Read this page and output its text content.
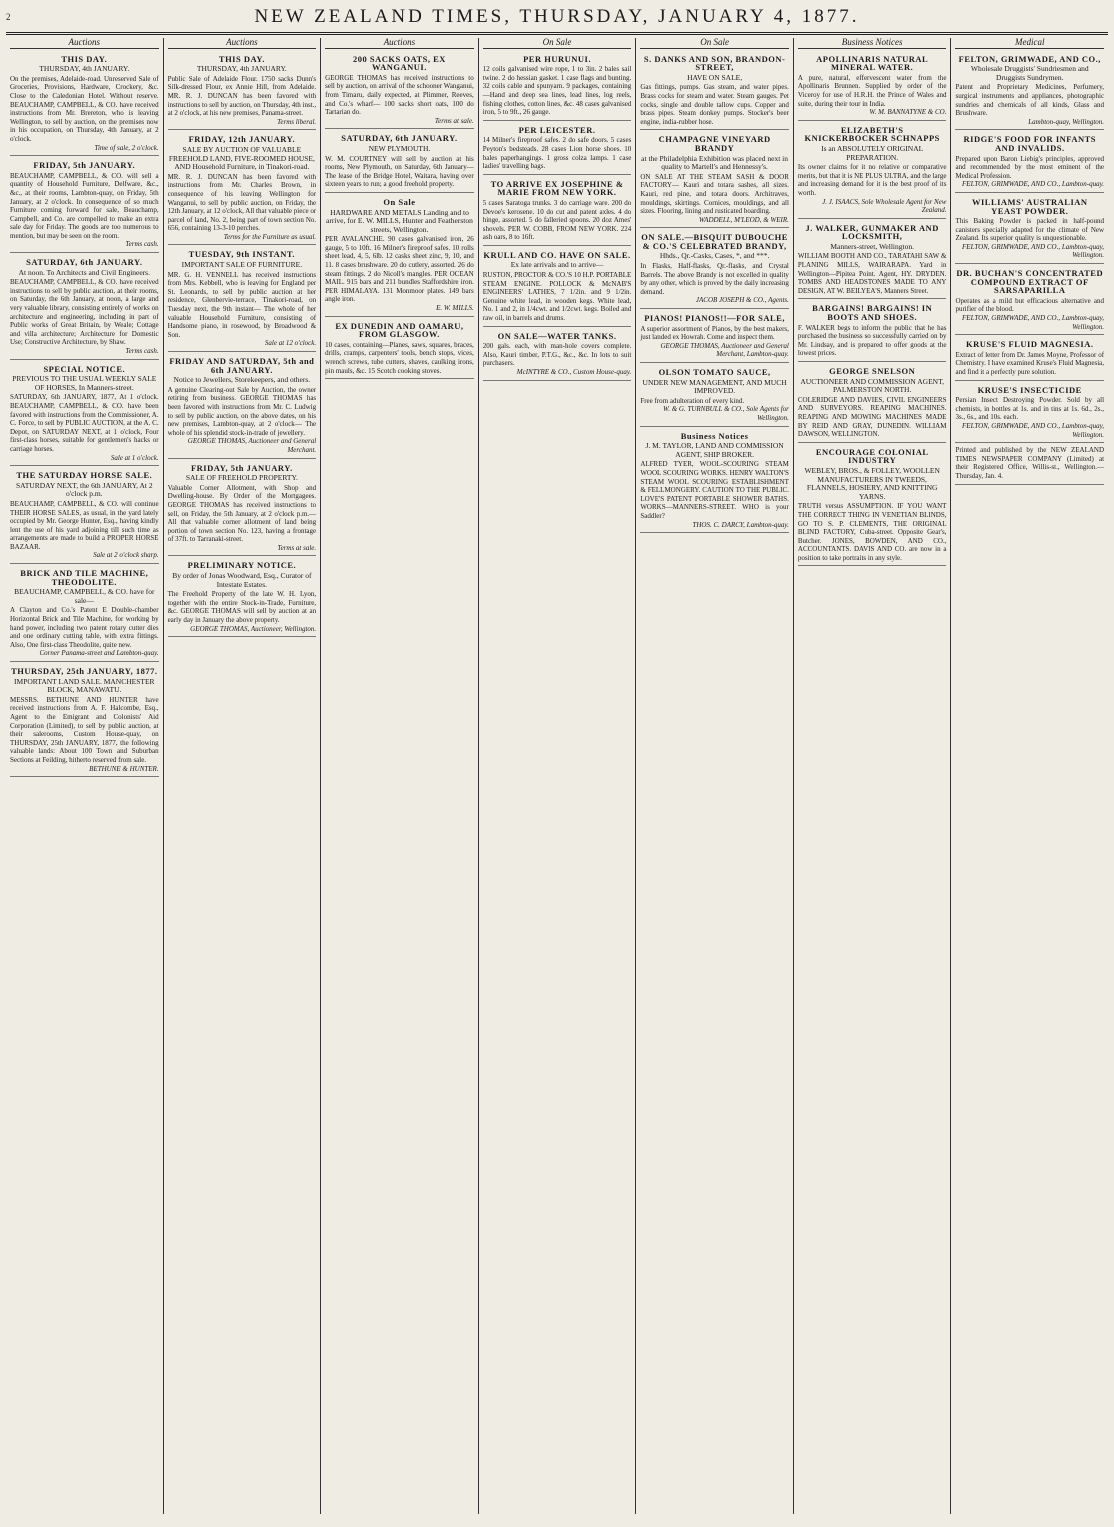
2	NEW ZEALAND TIMES, THURSDAY, JANUARY 4, 1877.
Auctions
THIS DAY.
THURSDAY, 4th JANUARY.

On the premises, Adelaide-road. Unreserved Sale of Groceries, Provisions, Hardware, Crockery, &c. Close to the Caledonian Hotel. Without reserve. BEAUCHAMP, CAMPBELL, & CO. have received instructions from Mr. Brereton, who is leaving Wellington, to sell by auction, on the premises now in his occupation, on Thursday, 4th January, at 2 o'clock.

Time of sale, 2 o'clock.
FRIDAY, 5th JANUARY.

BEAUCHAMP, CAMPBELL, & CO. will sell a quantity of Household Furniture, Delfware, &c., &c., at their rooms, Lambton-quay, on Friday, 5th January, at 2 o'clock. In consequence of so much Furniture coming forward for sale, Beauchamp, Campbell, and Co. are compelled to make an extra sale day for Friday. The goods are too numerous to mention, but may be seen on the room.

Terms cash.
SATURDAY, 6th JANUARY.
At noon. To Architects and Civil Engineers.

BEAUCHAMP, CAMPBELL, & CO. have received instructions to sell by public auction, at their rooms, on Saturday, the 6th January, at noon, a large and very valuable library, consisting entirely of works on architecture and engineering, including in part of Public works of Great Britain, by Weale; Cottage and villa architecture; Architecture for Domestic Use; Constructive Architecture, by Shaw.

Terms cash.
SPECIAL NOTICE.
PREVIOUS TO THE USUAL WEEKLY SALE OF HORSES, In Manners-street.

SATURDAY, 6th JANUARY, 1877, At 1 o'clock. BEAUCHAMP, CAMPBELL, & CO. have been favored with instructions from the Commissioner, A. C. Force, to sell by PUBLIC AUCTION, at the A. C. Depot, on SATURDAY NEXT, at 1 o'clock, Four first-class horses, suitable for gentlemen's hacks or carriage horses.

Sale at 1 o'clock.
THE SATURDAY HORSE SALE.
SATURDAY NEXT, the 6th JANUARY, At 2 o'clock p.m.

BEAUCHAMP, CAMPBELL, & CO. will continue THEIR HORSE SALES, as usual, in the yard lately occupied by Mr. George Hunter, Esq., having kindly lent the use of his yard adjoining till such time as arrangements are made to build a PROPER HORSE BAZAAR.

Sale at 2 o'clock sharp.
BRICK AND TILE MACHINE, THEODOLITE.
BEAUCHAMP, CAMPBELL, & CO. have for sale—

A Clayton and Co.'s Patent E Double-chamber Horizontal Brick and Tile Machine, for working by hand power, including two patent rotary cutter dies and one ordinary cutting table, with extra fittings. Also, One first-class Theodolite, quite new.

Corner Panama-street and Lambton-quay.
THURSDAY, 25th JANUARY, 1877.
IMPORTANT LAND SALE. MANCHESTER BLOCK, MANAWATU.

MESSRS. BETHUNE AND HUNTER have received instructions from A. F. Halcombe, Esq., Agent to the Emigrant and Colonists' Aid Corporation (Limited), to sell by public auction, at their salerooms, Custom House-quay, on THURSDAY, 25th JANUARY, 1877, the following valuable lands: About 100 Town and Suburban Sections at Feilding, hitherto reserved from sale.

BETHUNE & HUNTER.
Auctions
THIS DAY.
THURSDAY, 4th JANUARY.

Public Sale of Adelaide Flour. 1750 sacks Dunn's Silk-dressed Flour, ex Annie Hill, from Adelaide. MR. R. J. DUNCAN has been favored with instructions to sell by auction, on Thursday, 4th inst., at 2 o'clock, at his new premises, Panama-street.

Terms liberal.
FRIDAY, 12th JANUARY.
SALE BY AUCTION OF VALUABLE FREEHOLD LAND, FIVE-ROOMED HOUSE, AND Household Furniture, in Tinakori-road.

MR. R. J. DUNCAN has been favored with instructions from Mr. Charles Brown, in consequence of his leaving Wellington for Wanganui, to sell by public auction, on Friday, the 12th January, at 12 o'clock, All that valuable piece or parcel of land, No. 2, being part of town section No. 656, containing 13-3-10 perches.

Terms for the Furniture as usual.
TUESDAY, 9th INSTANT.
IMPORTANT SALE OF FURNITURE.

MR. G. H. VENNELL has received instructions from Mrs. Kebbell, who is leaving for England per St. Leonards, to sell by public auction at her residence, Glenbervie-terrace, Tinakori-road, on Tuesday next, the 9th instant— The whole of her valuable Household Furniture, consisting of Handsome piano, in rosewood, by Broadwood & Son.

Sale at 12 o'clock.
FRIDAY AND SATURDAY, 5th and 6th JANUARY.
Notice to Jewellers, Storekeepers, and others.

A genuine Clearing-out Sale by Auction, the owner retiring from business. GEORGE THOMAS has been favored with instructions from Mr. C. Ludwig to sell by public auction, on the above dates, on his new premises, Lambton-quay, at 2 o'clock— The whole of his splendid stock-in-trade of jewellery.

GEORGE THOMAS, Auctioneer and General Merchant.
FRIDAY, 5th JANUARY.
SALE OF FREEHOLD PROPERTY.

Valuable Corner Allotment, with Shop and Dwelling-house. By Order of the Mortgagees. GEORGE THOMAS has received instructions to sell, on Friday, the 5th January, at 2 o'clock p.m.— All that valuable corner allotment of land being portion of town section No. 123, having a frontage of 37ft. to Tarranaki-street.

Terms at sale.
PRELIMINARY NOTICE.
By order of Jonas Woodward, Esq., Curator of Intestate Estates.

The Freehold Property of the late W. H. Lyon, together with the entire Stock-in-Trade, Furniture, &c. GEORGE THOMAS will sell by auction at an early day in January the above property.

GEORGE THOMAS, Auctioneer, Wellington.
Auctions
200 SACKS OATS, EX WANGANUI.

GEORGE THOMAS has received instructions to sell by auction, on arrival of the schooner Wanganui, from Timaru, daily expected, at Plimmer, Reeves, and Co.'s wharf— 100 sacks short oats, 100 do Tartarian do.

Terms at sale.
SATURDAY, 6th JANUARY.
NEW PLYMOUTH.

W. M. COURTNEY will sell by auction at his rooms, New Plymouth, on Saturday, 6th January— The lease of the Bridge Hotel, Waitara, having over sixteen years to run; a good freehold property.

On Sale
HARDWARE AND METALS Landing and to arrive, for E. W. MILLS, Hunter and Featherston streets, Wellington.

PER AVALANCHE. 90 cases galvanised iron, 26 gauge, 5 to 10ft. 16 Milner's fireproof safes. 10 rolls sheet lead, 4, 5, 6lb. 12 casks sheet zinc, 9, 10, and 11. 8 cases brushware. 20 do cutlery, assorted. 26 do steam fittings. 2 do Nicoll's mangles. PER OCEAN MAIL. 915 bars and 211 bundles Staffordshire iron. PER HIMALAYA. 131 Monmoor plates. 149 bars angle iron.

E. W. MILLS.
EX DUNEDIN AND OAMARU, FROM GLASGOW.

10 cases, containing—Planes, saws, squares, braces, drills, cramps, carpenters' tools, bench stops, vices, wrench screws, tube cutters, shaves, caulking irons, pin mauls, &c. 15 Scotch cooking stoves.

On Sale
PER HURUNUI.

12 coils galvanised wire rope, 1 to 3in. 2 bales sail twine. 2 do hessian gasket. 1 case flags and bunting. 32 coils cable and spunyarn. 9 packages, containing—Hand and deep sea lines, lead lines, log reels, fishing clothes, cotton lines, &c. 48 cases galvanised iron, 5 to 9ft., 26 gauge.

PER LEICESTER.

14 Milner's fireproof safes. 2 do safe doors. 5 cases Peyton's bedsteads. 28 cases Lion horse shoes. 10 bales paperhangings. 1 gross colza lamps. 1 case ladies' travelling bags.

TO ARRIVE EX JOSEPHINE & MARIE FROM NEW YORK.

5 cases Saratoga trunks. 3 do carriage ware. 200 do Devoe's kerosene. 10 do cut and patent axles. 4 do hinge, assorted. 5 do falleried spoons. 20 doz Ames' shovels. PER W. COBB, FROM NEW YORK. 224 ash oars, 8 to 16ft.

KRULL AND CO. HAVE ON SALE.
Ex late arrivals and to arrive—

RUSTON, PROCTOR & CO.'S 10 H.P. PORTABLE STEAM ENGINE. POLLOCK & McNAB'S ENGINEERS' LATHES, 7 1/2in. and 9 1/2in. Genuine white lead, in wooden kegs. White lead, No. 1 and 2, in 1/4cwt. and 1/2cwt. kegs. Boiled and raw oil, in barrels and drums.

ON SALE—WATER TANKS.

200 gals. each, with man-hole covers complete. Also, Kauri timber, P.T.G., &c., &c. In lots to suit purchasers.

McINTYRE & CO., Custom House-quay.
On Sale
S. DANKS AND SON, BRANDON-STREET,
HAVE ON SALE,

Gas fittings, pumps. Gas steam, and water pipes. Brass cocks for steam and water. Steam gauges. Pet cocks, single and double tallow cups. Copper and brass pipes. Steam donkey pumps. Stocker's beer engine, india-rubber hose.

CHAMPAGNE VINEYARD BRANDY
at the Philadelphia Exhibition was placed next in quality to Martell's and Hennessy's.

ON SALE AT THE STEAM SASH & DOOR FACTORY— Kauri and totara sashes, all sizes. Kauri, red pine, and totara doors. Architraves, mouldings, skirtings. Cornices, mouldings, and all sizes. Flooring, lining and rusticated boarding.

WADDELL, M'LEOD, & WEIR.
ON SALE.—BISQUIT DUBOUCHE & CO.'S CELEBRATED BRANDY,
Hhds., Qr.-Casks, Cases, *, and ***.

In Flasks, Half-flasks, Qr.-flasks, and Crystal Barrels. The above Brandy is not excelled in quality by any other, which is proved by the daily increasing demand.

JACOB JOSEPH & CO., Agents.
PIANOS! PIANOS!!—FOR SALE,

A superior assortment of Pianos, by the best makers, just landed ex Howrah. Come and inspect them.

GEORGE THOMAS, Auctioneer and General Merchant, Lambton-quay.
OLSON TOMATO SAUCE,
UNDER NEW MANAGEMENT, AND MUCH IMPROVED.

Free from adulteration of every kind.

W. & G. TURNBULL & CO., Sole Agents for Wellington.
Business Notices
J. M. TAYLOR, LAND AND COMMISSION AGENT, SHIP BROKER.

ALFRED TYER, WOOL-SCOURING STEAM WOOL SCOURING WORKS. HENRY WALTON'S STEAM WOOL SCOURING ESTABLISHMENT & FELLMONGERY. CAUTION TO THE PUBLIC. LOVE'S PATENT PORTABLE SHOWER BATHS. WORKS—MANNERS-STREET. WHO is your Saddler?

THOS. C. DARCY, Lambton-quay.
Business Notices
APOLLINARIS NATURAL MINERAL WATER.

A pure, natural, effervescent water from the Apollinaris Brunnen. Supplied by order of the Viceroy for use of H.R.H. the Prince of Wales and suite, during their tour in India.

W. M. BANNATYNE & CO.
ELIZABETH'S KNICKERBOCKER SCHNAPPS
Is an ABSOLUTELY ORIGINAL PREPARATION.

Its owner claims for it no relative or comparative merits, but that it is NE PLUS ULTRA, and the large and increasing demand for it is the best proof of its worth.

J. J. ISAACS, Sole Wholesale Agent for New Zealand.
J. WALKER, GUNMAKER AND LOCKSMITH,
Manners-street, Wellington.

WILLIAM BOOTH AND CO., TARATAHI SAW & PLANING MILLS, WAIRARAPA. Yard in Wellington—Pipitea Point. Agent, HY. DRYDEN. TOMBS AND HEADSTONES MADE TO ANY DESIGN, AT W. BEILYEA'S, Manners Street.

BARGAINS! BARGAINS! IN BOOTS AND SHOES.

F. WALKER begs to inform the public that he has purchased the business so successfully carried on by Mr. Lindsay, and is prepared to offer goods at the lowest prices.

GEORGE SNELSON
AUCTIONEER AND COMMISSION AGENT, PALMERSTON NORTH.

COLERIDGE AND DAVIES, CIVIL ENGINEERS AND SURVEYORS. REAPING MACHINES. REAPING AND MOWING MACHINES MADE BY REID AND GRAY, DUNEDIN. WILLIAM DAWSON, WELLINGTON.

ENCOURAGE COLONIAL INDUSTRY
WEBLEY, BROS., & FOLLEY, WOOLLEN MANUFACTURERS IN TWEEDS, FLANNELS, HOSIERY, AND KNITTING YARNS.

TRUTH versus ASSUMPTION. IF YOU WANT THE CORRECT THING IN VENETIAN BLINDS, GO TO S. P. CLEMENTS, THE ORIGINAL BLIND FACTORY, Cuba-street. Opposite Gear's, Butcher. JONES, BOWDEN, AND CO., ACCOUNTANTS. DAVIS AND CO. are now in a position to take portraits in any style.

Medical
FELTON, GRIMWADE, AND CO.,
Wholesale Druggists' Sundriesmen and Druggists Sundrymen.

Patent and Proprietary Medicines, Perfumery, surgical instruments and appliances, photographic sundries and chemicals of all kinds, Glass and Brushware.

Lambton-quay, Wellington.
RIDGE'S FOOD FOR INFANTS AND INVALIDS.

Prepared upon Baron Liebig's principles, approved and recommended by the most eminent of the Medical Profession.

FELTON, GRIMWADE, AND CO., Lambton-quay.
WILLIAMS' AUSTRALIAN YEAST POWDER.

This Baking Powder is packed in half-pound canisters specially adapted for the climate of New Zealand. Its superior quality is unquestionable.

FELTON, GRIMWADE, AND CO., Lambton-quay, Wellington.
DR. BUCHAN'S CONCENTRATED COMPOUND EXTRACT OF SARSAPARILLA

Operates as a mild but efficacious alternative and purifier of the blood.

FELTON, GRIMWADE, AND CO., Lambton-quay, Wellington.
KRUSE'S FLUID MAGNESIA.

Extract of letter from Dr. James Moyne, Professor of Chemistry. I have examined Kruse's Fluid Magnesia, and find it a perfectly pure solution.

KRUSE'S INSECTICIDE

Persian Insect Destroying Powder. Sold by all chemists, in bottles at 1s. and in tins at 1s. 6d., 2s., 3s., 6s., and 10s. each.

FELTON, GRIMWADE, AND CO., Lambton-quay, Wellington.

Printed and published by the NEW ZEALAND TIMES NEWSPAPER COMPANY (Limited) at their Registered Office, Willis-st., Wellington.—Thursday, Jan. 4.
